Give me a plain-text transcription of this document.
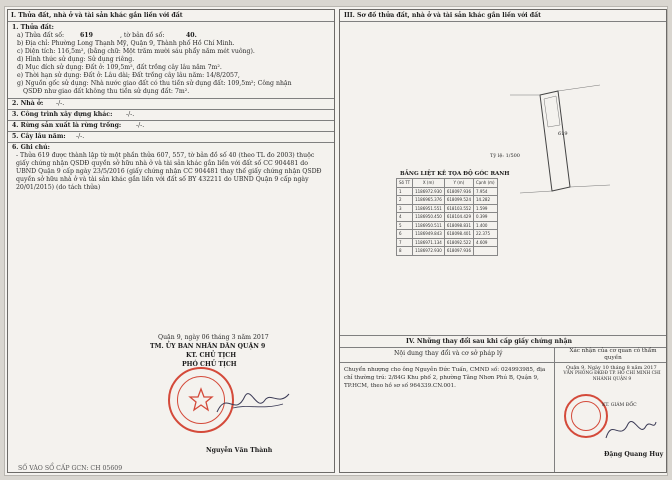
I. Thửa đất, nhà ở và tài sản khác gắn liền với đất
1. Thửa đất:
a) Thửa đất số:	619	, tờ bản đồ số:	40.
b) Địa chỉ: Phường Long Thạnh Mỹ, Quận 9, Thành phố Hồ Chí Minh.
c) Diện tích: 116,5m², (bằng chữ: Một trăm mười sáu phẩy năm mét vuông).
d) Hình thức sử dụng: Sử dụng riêng.
đ) Mục đích sử dụng: Đất ở: 109,5m², đất trồng cây lâu năm 7m².
e) Thời hạn sử dụng: Đất ở: Lâu dài; Đất trồng cây lâu năm: 14/8/2057,
g) Nguồn gốc sử dụng: Nhà nước giao đất có thu tiền sử dụng đất: 109,5m²; Công nhận
QSDĐ như giao đất không thu tiền sử dụng đất: 7m².
2. Nhà ở: -/-.
3. Công trình xây dựng khác: -/-.
4. Rừng sản xuất là rừng trồng: -/-.
5. Cây lâu năm: -/-.
6. Ghi chú:
- Thửa 619 được thành lập từ một phần thửa 607, 557, tờ bản đồ số 40 (theo TL đo 2003) thuộc giấy chứng nhận QSDĐ quyền sở hữu nhà ở và tài sản khác gắn liền với đất số CC 904481 do UBND Quận 9 cấp ngày 23/5/2016 (giấy chứng nhận CC 904481 thay thế giấy chứng nhận QSDĐ quyền sở hữu nhà ở và tài sản khác gắn liền với đất số BY 432211 do UBND Quận 9 cấp ngày 20/01/2015) (do tách thửa)
Quận 9, ngày 06 tháng 3 năm 2017
TM. ỦY BAN NHÂN DÂN QUẬN 9
KT. CHỦ TỊCH
PHÓ CHỦ TỊCH
Nguyễn Văn Thành
SỐ VÀO SỔ CẤP GCN: CH 05609
III. Sơ đồ thửa đất, nhà ở và tài sản khác gắn liền với đất
619
Tỷ lệ: 1/500
BẢNG LIỆT KÊ TỌA ĐỘ GÓC RANH
Số TT	X (m)	Y (m)	Cạnh (m)
1	1186972.930	618097.936	7.954
2	1186965.376	618099.524	14.282
3	1186951.551	618103.552	1.599
4	1186950.450	618104.429	0.399
5	1186950.511	618098.831	1.400
6	1186949.843	618098.401	22.375
7	1186971.134	618092.522	4.609
8	1186972.930	618097.936	
IV. Những thay đổi sau khi cấp giấy chứng nhận
Nội dung thay đổi và cơ sở pháp lý	Xác nhận của cơ quan có thẩm quyền
Chuyển nhượng cho ông Nguyễn Đức Tuấn, CMND số: 024993985, địa chỉ thường trú: 2/84G Khu phố 2, phường Tăng Nhơn Phú B, Quận 9, TP.HCM, theo hồ sơ số 964339.CN.001.
Quận 9, Ngày 10 tháng 8 năm 2017
VĂN PHÒNG ĐKĐĐ TP. HỒ CHÍ MINH CHI NHÁNH QUẬN 9
KT. GIÁM ĐỐC
Đặng Quang Huy
